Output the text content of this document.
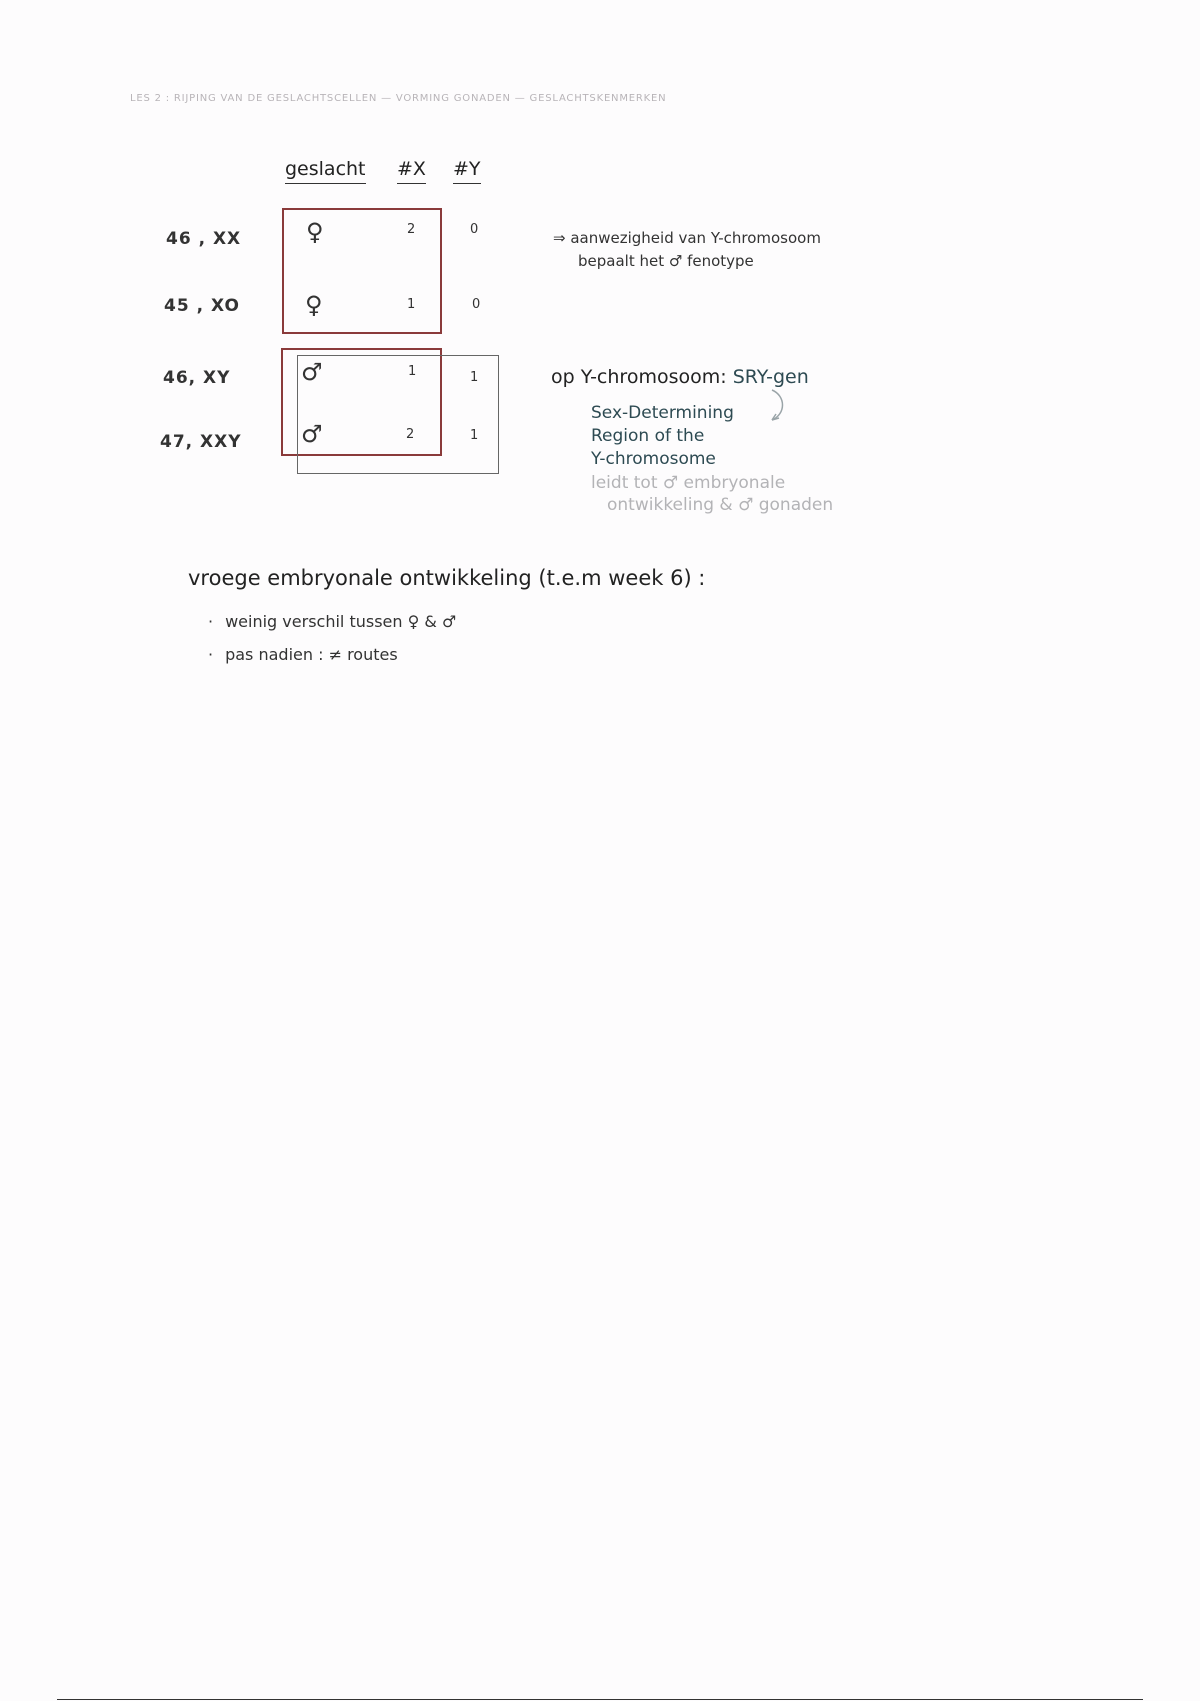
LES 2 : RIJPING VAN DE GESLACHTSCELLEN — VORMING GONADEN — GESLACHTSKENMERKEN
geslacht #X #Y
46 , XX	♀	2	0
45 , XO	♀	1	0
46, XY	♂	1	1
47, XXY ♂	2	1
⇒ aanwezigheid van Y-chromosoom
bepaalt het ♂ fenotype
op Y-chromosoom: SRY-gen
Sex-Determining
Region of the
Y-chromosome
leidt tot ♂ embryonale
ontwikkeling & ♂ gonaden
vroege embryonale ontwikkeling (t.e.m week 6) :
· weinig verschil tussen ♀ & ♂
· pas nadien : ≠ routes
